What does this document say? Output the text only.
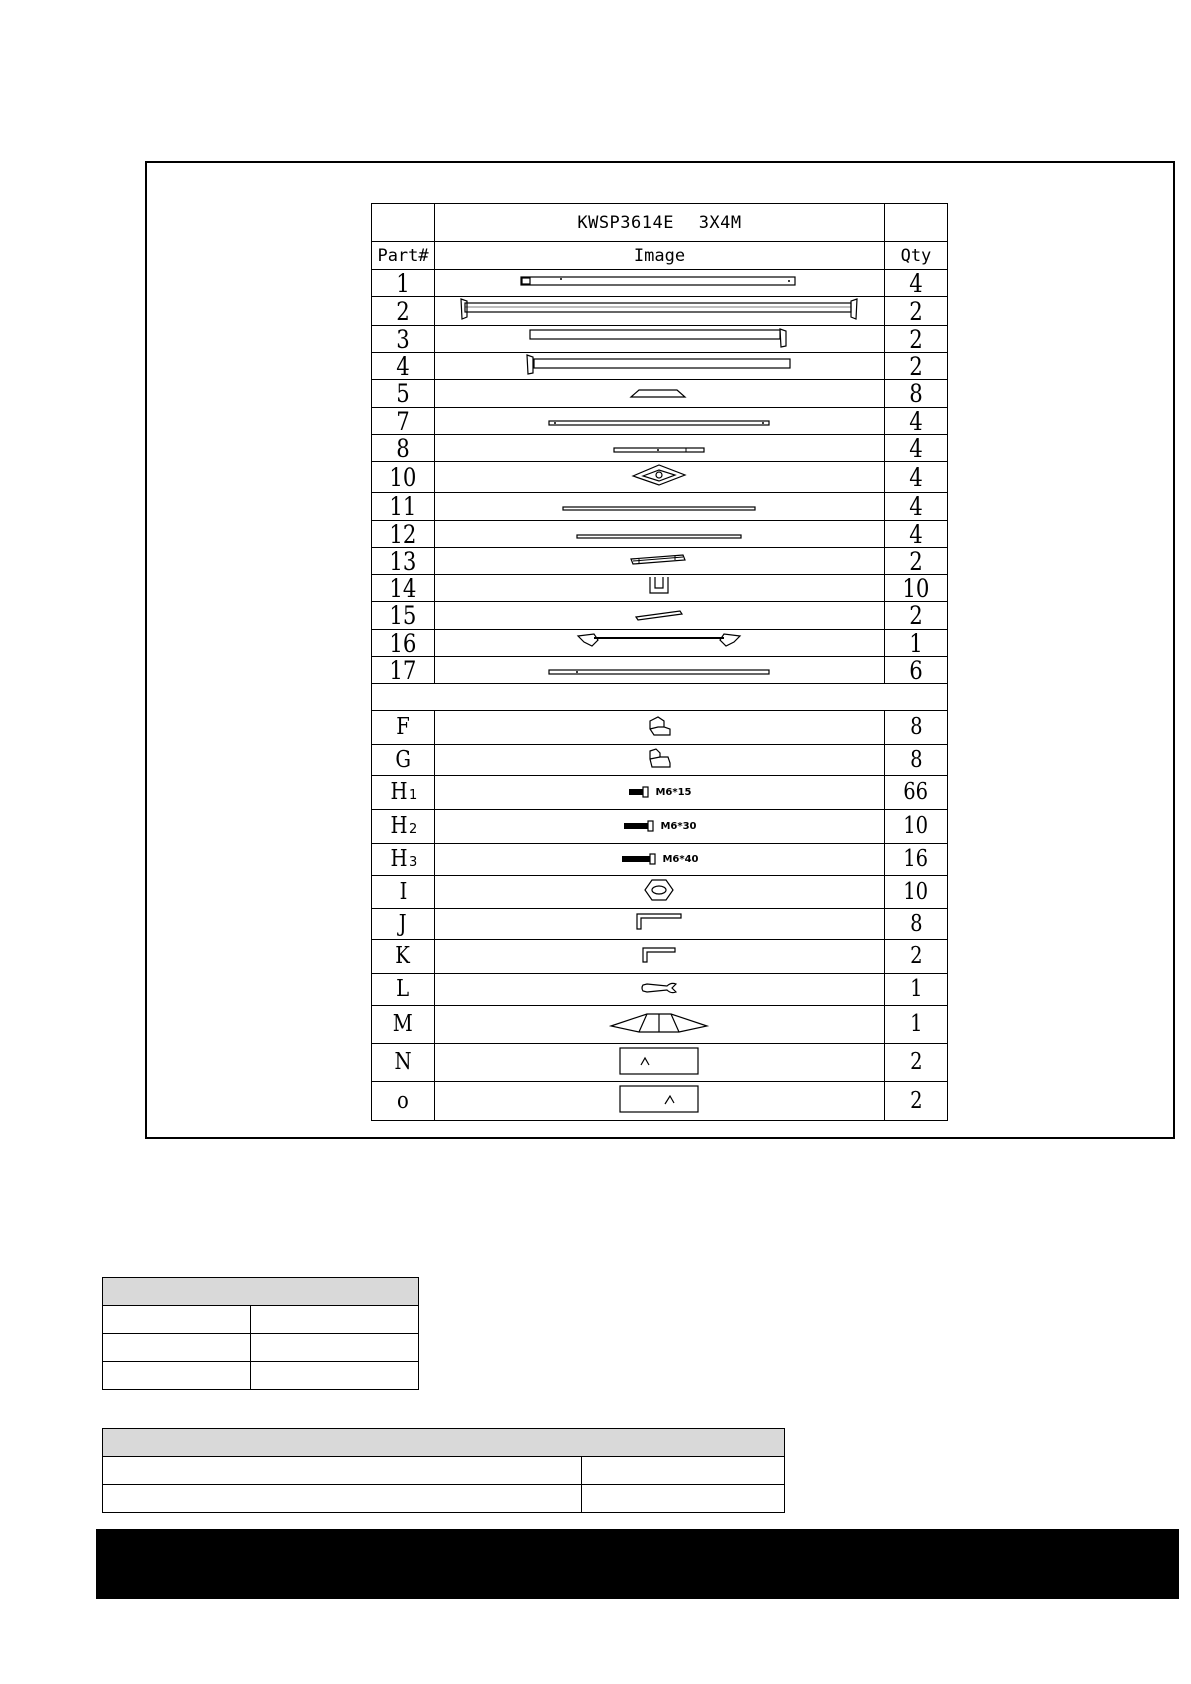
	KWSP3614E 3X4M	
Part#	Image	Qty
1		4
2		2
3		2
4		2
5		8
7		4
8		4
10		4
11		4
12		4
13		2
14		10
15		2
16		1
17		6

F		8
G		8
H 1	M6*15	66
H 2	M6*30	10
H 3	M6*40	16
I		10
J		8
K		2
L		1
M		1
N		2
o		2
